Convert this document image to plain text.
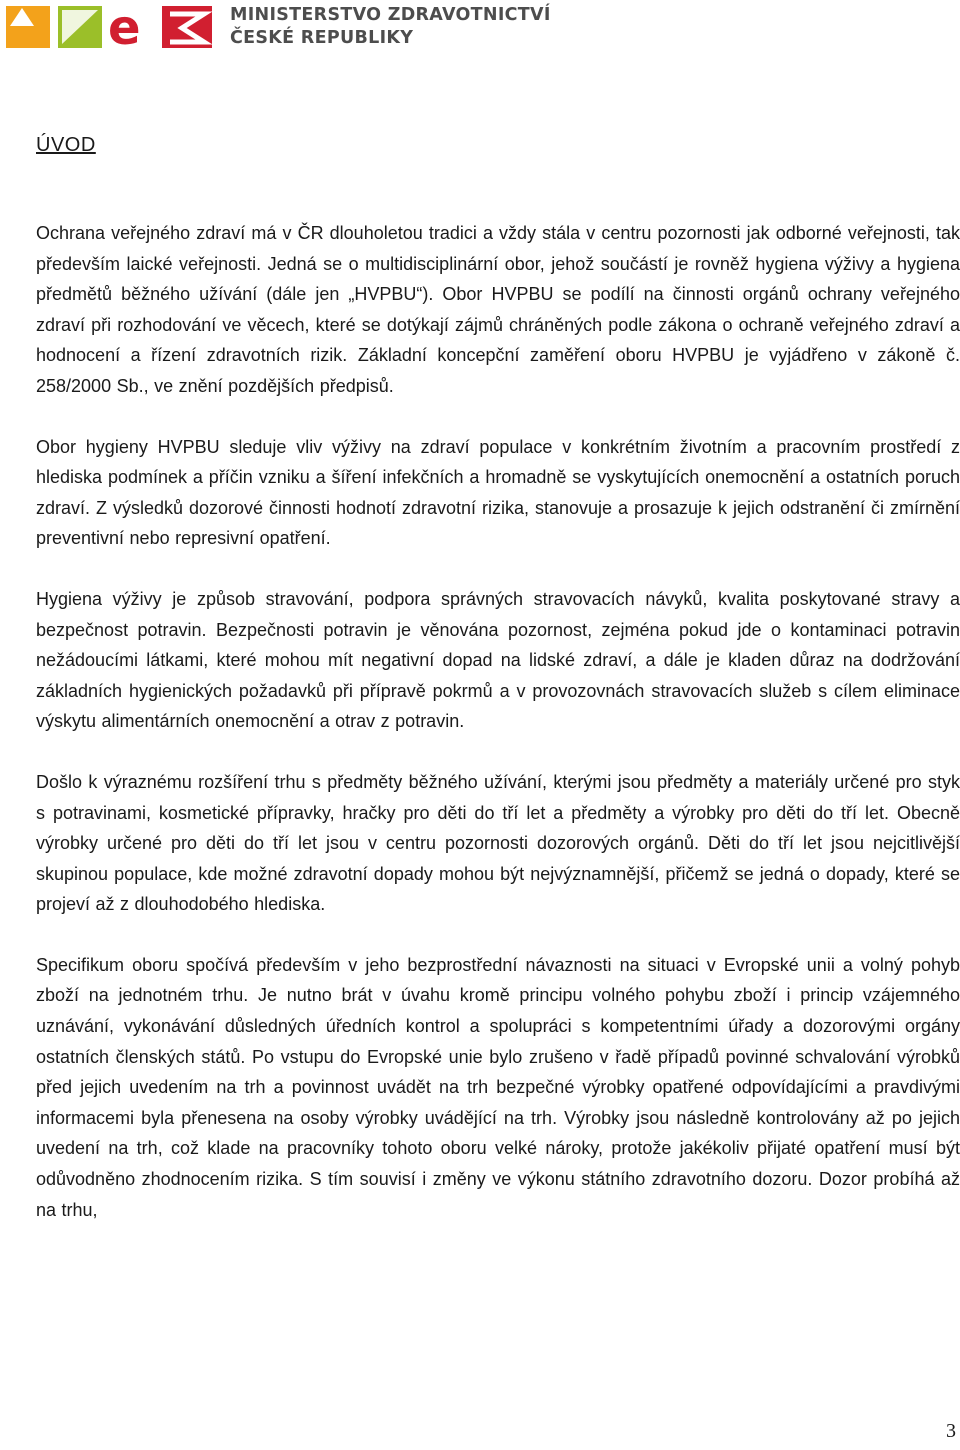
e	MINISTERSTVO ZDRAVOTNICTVÍ
ČESKÉ REPUBLIKY
ÚVOD

Ochrana veřejného zdraví má v ČR dlouholetou tradici a vždy stála v centru pozornosti jak odborné veřejnosti, tak především laické veřejnosti. Jedná se o multidisciplinární obor, jehož součástí je rovněž hygiena výživy a hygiena předmětů běžného užívání (dále jen „HVPBU“). Obor HVPBU se podílí na činnosti orgánů ochrany veřejného zdraví při rozhodování ve věcech, které se dotýkají zájmů chráněných podle zákona o ochraně veřejného zdraví a hodnocení a řízení zdravotních rizik. Základní koncepční zaměření oboru HVPBU je vyjádřeno v zákoně č. 258/2000 Sb., ve znění pozdějších předpisů.

Obor hygieny HVPBU sleduje vliv výživy na zdraví populace v konkrétním životním a pracovním prostředí z hlediska podmínek a příčin vzniku a šíření infekčních a hromadně se vyskytujících onemocnění a ostatních poruch zdraví. Z výsledků dozorové činnosti hodnotí zdravotní rizika, stanovuje a prosazuje k jejich odstranění či zmírnění preventivní nebo represivní opatření.

Hygiena výživy je způsob stravování, podpora správných stravovacích návyků, kvalita poskytované stravy a bezpečnost potravin. Bezpečnosti potravin je věnována pozornost, zejména pokud jde o kontaminaci potravin nežádoucími látkami, které mohou mít negativní dopad na lidské zdraví, a dále je kladen důraz na dodržování základních hygienických požadavků při přípravě pokrmů a v provozovnách stravovacích služeb s cílem eliminace výskytu alimentárních onemocnění a otrav z potravin.

Došlo k výraznému rozšíření trhu s předměty běžného užívání, kterými jsou předměty a materiály určené pro styk s potravinami, kosmetické přípravky, hračky pro děti do tří let a předměty a výrobky pro děti do tří let. Obecně výrobky určené pro děti do tří let jsou v centru pozornosti dozorových orgánů. Děti do tří let jsou nejcitlivější skupinou populace, kde možné zdravotní dopady mohou být nejvýznamnější, přičemž se jedná o dopady, které se projeví až z dlouhodobého hlediska.

Specifikum oboru spočívá především v jeho bezprostřední návaznosti na situaci v Evropské unii a volný pohyb zboží na jednotném trhu. Je nutno brát v úvahu kromě principu volného pohybu zboží i princip vzájemného uznávání, vykonávání důsledných úředních kontrol a spolupráci s kompetentními úřady a dozorovými orgány ostatních členských států. Po vstupu do Evropské unie bylo zrušeno v řadě případů povinné schvalování výrobků před jejich uvedením na trh a povinnost uvádět na trh bezpečné výrobky opatřené odpovídajícími a pravdivými informacemi byla přenesena na osoby výrobky uvádějící na trh. Výrobky jsou následně kontrolovány až po jejich uvedení na trh, což klade na pracovníky tohoto oboru velké nároky, protože jakékoliv přijaté opatření musí být odůvodněno zhodnocením rizika. S tím souvisí i změny ve výkonu státního zdravotního dozoru. Dozor probíhá až na trhu,

3
